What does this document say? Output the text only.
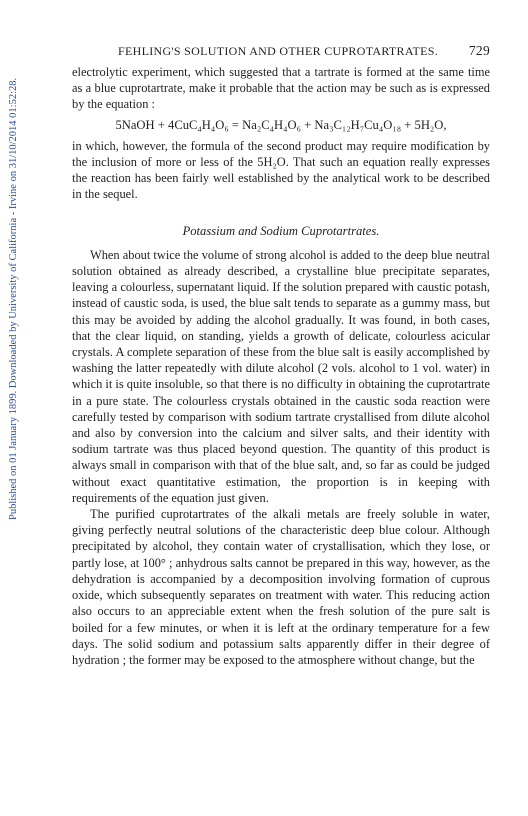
FEHLING'S SOLUTION AND OTHER CUPROTARTRATES. 729
Published on 01 January 1899. Downloaded by University of California - Irvine on 31/10/2014 01:52:28.

electrolytic experiment, which suggested that a tartrate is formed at the same time as a blue cuprotartrate, make it probable that the action may be such as is expressed by the equation :

5NaOH + 4CuC₄H₄O₆ = Na₂C₄H₄O₆ + Na₃C₁₂H₇Cu₄O₁₈ + 5H₂O,

in which, however, the formula of the second product may require modification by the inclusion of more or less of the 5H₂O. That such an equation really expresses the reaction has been fairly well established by the analytical work to be described in the sequel.

Potassium and Sodium Cuprotartrates.

When about twice the volume of strong alcohol is added to the deep blue neutral solution obtained as already described, a crystalline blue precipitate separates, leaving a colourless, supernatant liquid. If the solution prepared with caustic potash, instead of caustic soda, is used, the blue salt tends to separate as a gummy mass, but this may be avoided by adding the alcohol gradually. It was found, in both cases, that the clear liquid, on standing, yields a growth of delicate, colourless acicular crystals. A complete separation of these from the blue salt is easily accomplished by washing the latter repeatedly with dilute alcohol (2 vols. alcohol to 1 vol. water) in which it is quite insoluble, so that there is no difficulty in obtaining the cuprotartrate in a pure state. The colourless crystals obtained in the caustic soda reaction were carefully tested by comparison with sodium tartrate crystallised from dilute alcohol and also by conversion into the calcium and silver salts, and their identity with sodium tartrate was thus placed beyond question. The quantity of this product is always small in comparison with that of the blue salt, and, so far as could be judged without exact quantitative estimation, the proportion is in keeping with requirements of the equation just given.

The purified cuprotartrates of the alkali metals are freely soluble in water, giving perfectly neutral solutions of the characteristic deep blue colour. Although precipitated by alcohol, they contain water of crystallisation, which they lose, or partly lose, at 100° ; anhydrous salts cannot be prepared in this way, however, as the dehydration is accompanied by a decomposition involving formation of cuprous oxide, which subsequently separates on treatment with water. This reducing action also occurs to an appreciable extent when the fresh solution of the pure salt is boiled for a few minutes, or when it is left at the ordinary temperature for a few days. The solid sodium and potassium salts apparently differ in their degree of hydration ; the former may be exposed to the atmosphere without change, but the
